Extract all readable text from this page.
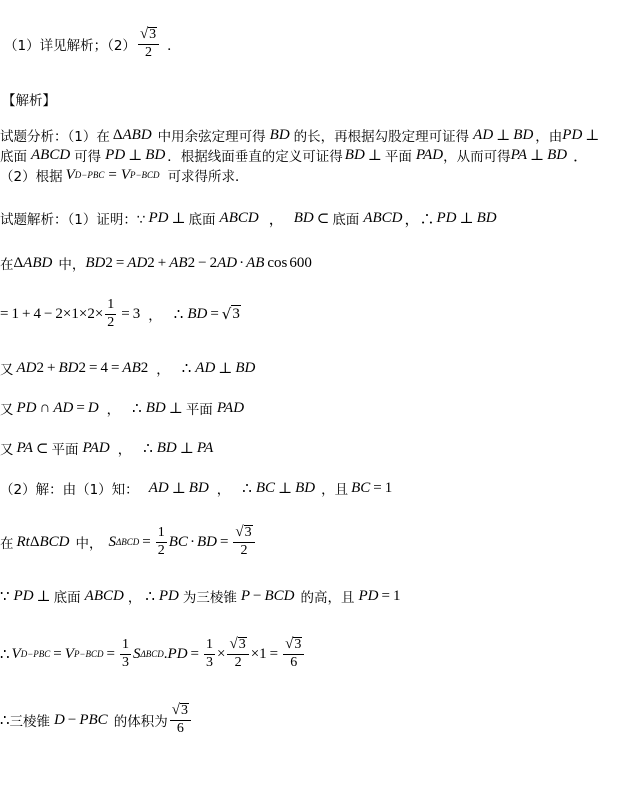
（1）详见解析 ；$(2) \frac{√ 3}{2}$ ．
【解析】
试题分析：（1）在 Δ ABD 中用余弦定理可得 BD 的长，再根据勾股定理可证得 AD ⊥ BD ，由 PD ⊥
底面 ABCD 可得 PD ⊥ BD ．根据线面垂直的定义可证得 BD ⊥ 平面 PAD ，从而可得 PA ⊥ BD ．
（2）根据 V D−PBC = V P−BCD 可求得所求．
试题解析：（1）证明：∵ PD ⊥ 底面 ABCD ， BD ⊂ 底面 ABCD ，∴ PD ⊥ BD
在 Δ ABD 中， BD 2 = AD 2 + AB 2 − 2 AD · AB cos 60 0
= $1 + 4 - 2\times 1\times 2\times \frac{1}{2} = 3$ ， ∴ BD = √ 3
又 AD 2 + BD 2 = 4 = AB 2 ， ∴ AD ⊥ BD
又 PD ∩ AD = D ， ∴ BD ⊥ 平面 PAD
又 PA ⊂ 平面 PAD ， ∴ BD ⊥ PA
（2）解：由（1）知： AD ⊥ BD ， ∴ BC ⊥ BD ，且 BC = 1
在 Rt Δ BCD 中， S $\Delta BCD = \frac{1}{2}$ BC · BD = $\frac{√ 3}{2}$
∵ PD ⊥ 底面 ABCD ， ∴ PD 为三棱锥 P − BCD 的高，且 PD = 1
∴ V D−PBC = V $P-BCD = \frac{1}{3}$ S ΔBCD . PD = $\frac{1}{3} \times \frac{√ 3}{2} \times 1 = \frac{√ 3}{6}$
∴ 三棱锥 D − PBC 的体积为 $\frac{√ 3}{6}$
